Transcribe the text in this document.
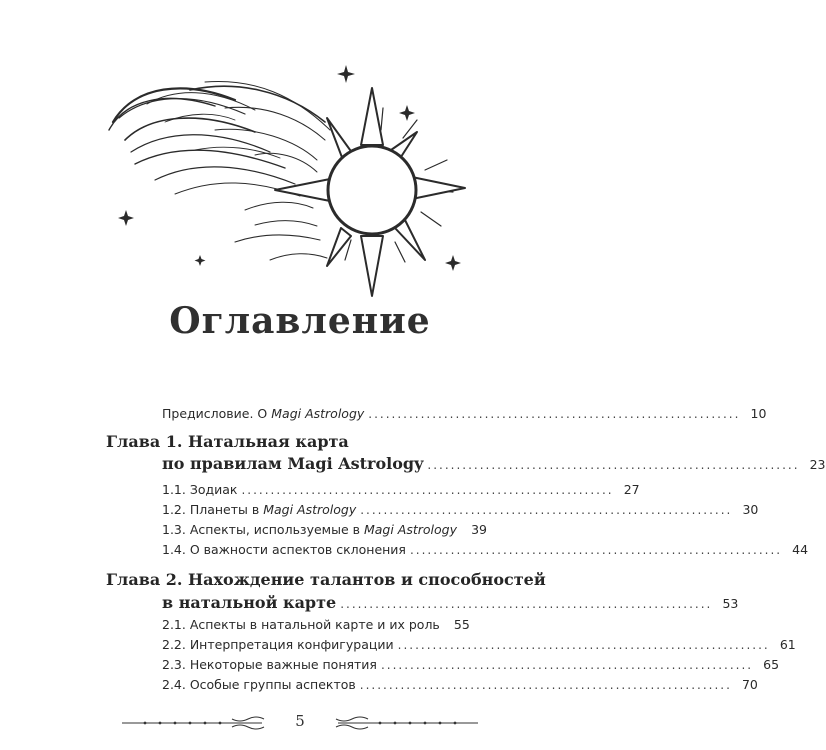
Оглавление
Предисловие. О Magi Astrology ................................................................ 10
Глава 1. Натальная карта
по правилам Magi Astrology ................................................................ 23
1.1. Зодиак ................................................................ 27
1.2. Планеты в Magi Astrology ................................................................ 30
1.3. Аспекты, используемые в Magi Astrology	39
1.4. О важности аспектов склонения ................................................................ 44
Глава 2. Нахождение талантов и способностей
в натальной карте ................................................................ 53
2.1. Аспекты в натальной карте и их роль	55
2.2. Интерпретация конфигурации ................................................................ 61
2.3. Некоторые важные понятия ................................................................ 65
2.4. Особые группы аспектов ................................................................ 70
5
